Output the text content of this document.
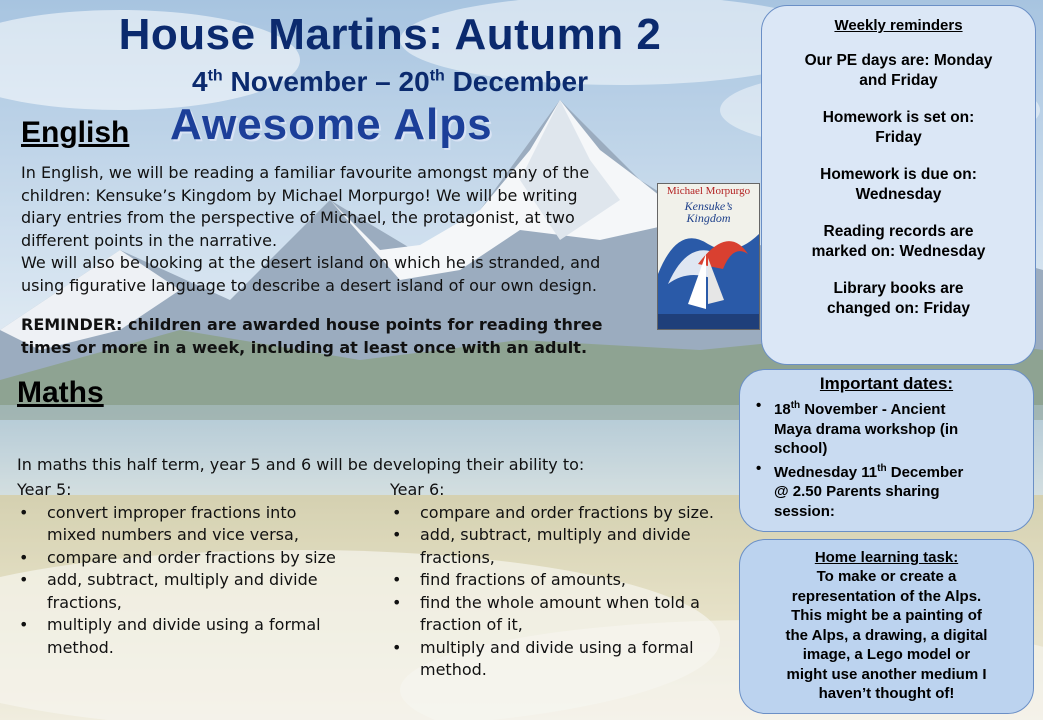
House Martins: Autumn 2
4th November – 20th December
Awesome Alps
English
In English, we will be reading a familiar favourite amongst many of the
children: Kensuke’s Kingdom by Michael Morpurgo! We will be writing
diary entries from the perspective of Michael, the protagonist, at two
different points in the narrative.
We will also be looking at the desert island on which he is stranded, and
using figurative language to describe a desert island of our own design.
REMINDER: children are awarded house points for reading three
times or more in a week, including at least once with an adult.
Michael Morpurgo
Kensuke’s
Kingdom
Maths
In maths this half term, year 5 and 6 will be developing their ability to:
Year 5:
• convert improper fractions into
mixed numbers and vice versa,
• compare and order fractions by size
• add, subtract, multiply and divide
fractions,
• multiply and divide using a formal
method.
Year 6:
• compare and order fractions by size.
• add, subtract, multiply and divide
fractions,
• find fractions of amounts,
• find the whole amount when told a
fraction of it,
• multiply and divide using a formal
method.
Weekly reminders

Our PE days are: Monday
and Friday

Homework is set on:
Friday

Homework is due on:
Wednesday

Reading records are
marked on: Wednesday

Library books are
changed on: Friday

Important dates:
• 18th November - Ancient
Maya drama workshop (in
school)
• Wednesday 11th December
@ 2.50 Parents sharing
session:
Home learning task:
To make or create a
representation of the Alps.
This might be a painting of
the Alps, a drawing, a digital
image, a Lego model or
might use another medium I
haven’t thought of!
